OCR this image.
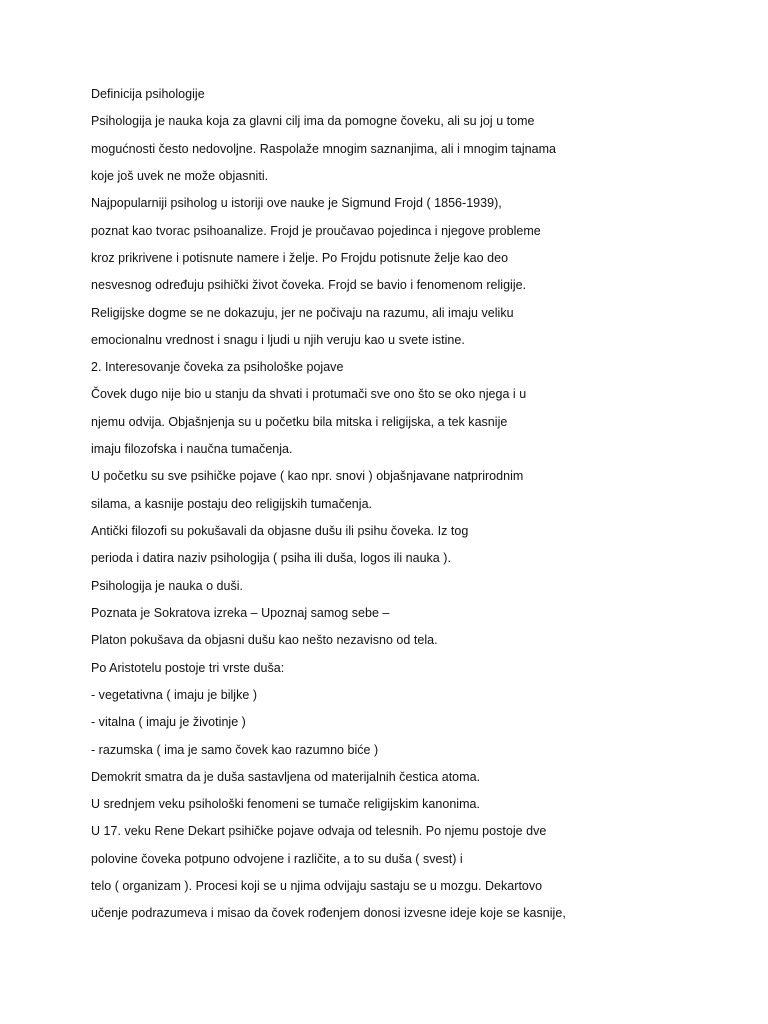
Definicija psihologije
Psihologija je nauka koja za glavni cilj ima da pomogne čoveku, ali su joj u tome
mogućnosti često nedovoljne. Raspolaže mnogim saznanjima, ali i mnogim tajnama
koje još uvek ne može objasniti.
Najpopularniji psiholog u istoriji ove nauke je Sigmund Frojd ( 1856-1939),
poznat kao tvorac psihoanalize. Frojd je proučavao pojedinca i njegove probleme
kroz prikrivene i potisnute namere i želje. Po Frojdu potisnute želje kao deo
nesvesnog određuju psihički život čoveka. Frojd se bavio i fenomenom religije.
Religijske dogme se ne dokazuju, jer ne počivaju na razumu, ali imaju veliku
emocionalnu vrednost i snagu i ljudi u njih veruju kao u svete istine.
2. Interesovanje čoveka za psihološke pojave
Čovek dugo nije bio u stanju da shvati i protumači sve ono što se oko njega i u
njemu odvija. Objašnjenja su u početku bila mitska i religijska, a tek kasnije
imaju filozofska i naučna tumačenja.
U početku su sve psihičke pojave ( kao npr. snovi ) objašnjavane natprirodnim
silama, a kasnije postaju deo religijskih tumačenja.
Antički filozofi su pokušavali da objasne dušu ili psihu čoveka. Iz tog
perioda i datira naziv psihologija ( psiha ili duša, logos ili nauka ).
Psihologija je nauka o duši.
Poznata je Sokratova izreka – Upoznaj samog sebe –
Platon pokušava da objasni dušu kao nešto nezavisno od tela.
Po Aristotelu postoje tri vrste duša:
- vegetativna ( imaju je biljke )
- vitalna ( imaju je životinje )
- razumska ( ima je samo čovek kao razumno biće )
Demokrit smatra da je duša sastavljena od materijalnih čestica atoma.
U srednjem veku psihološki fenomeni se tumače religijskim kanonima.
U 17. veku Rene Dekart psihičke pojave odvaja od telesnih. Po njemu postoje dve
polovine čoveka potpuno odvojene i različite, a to su duša ( svest) i
telo ( organizam ). Procesi koji se u njima odvijaju sastaju se u mozgu. Dekartovo
učenje podrazumeva i misao da čovek rođenjem donosi izvesne ideje koje se kasnije,
